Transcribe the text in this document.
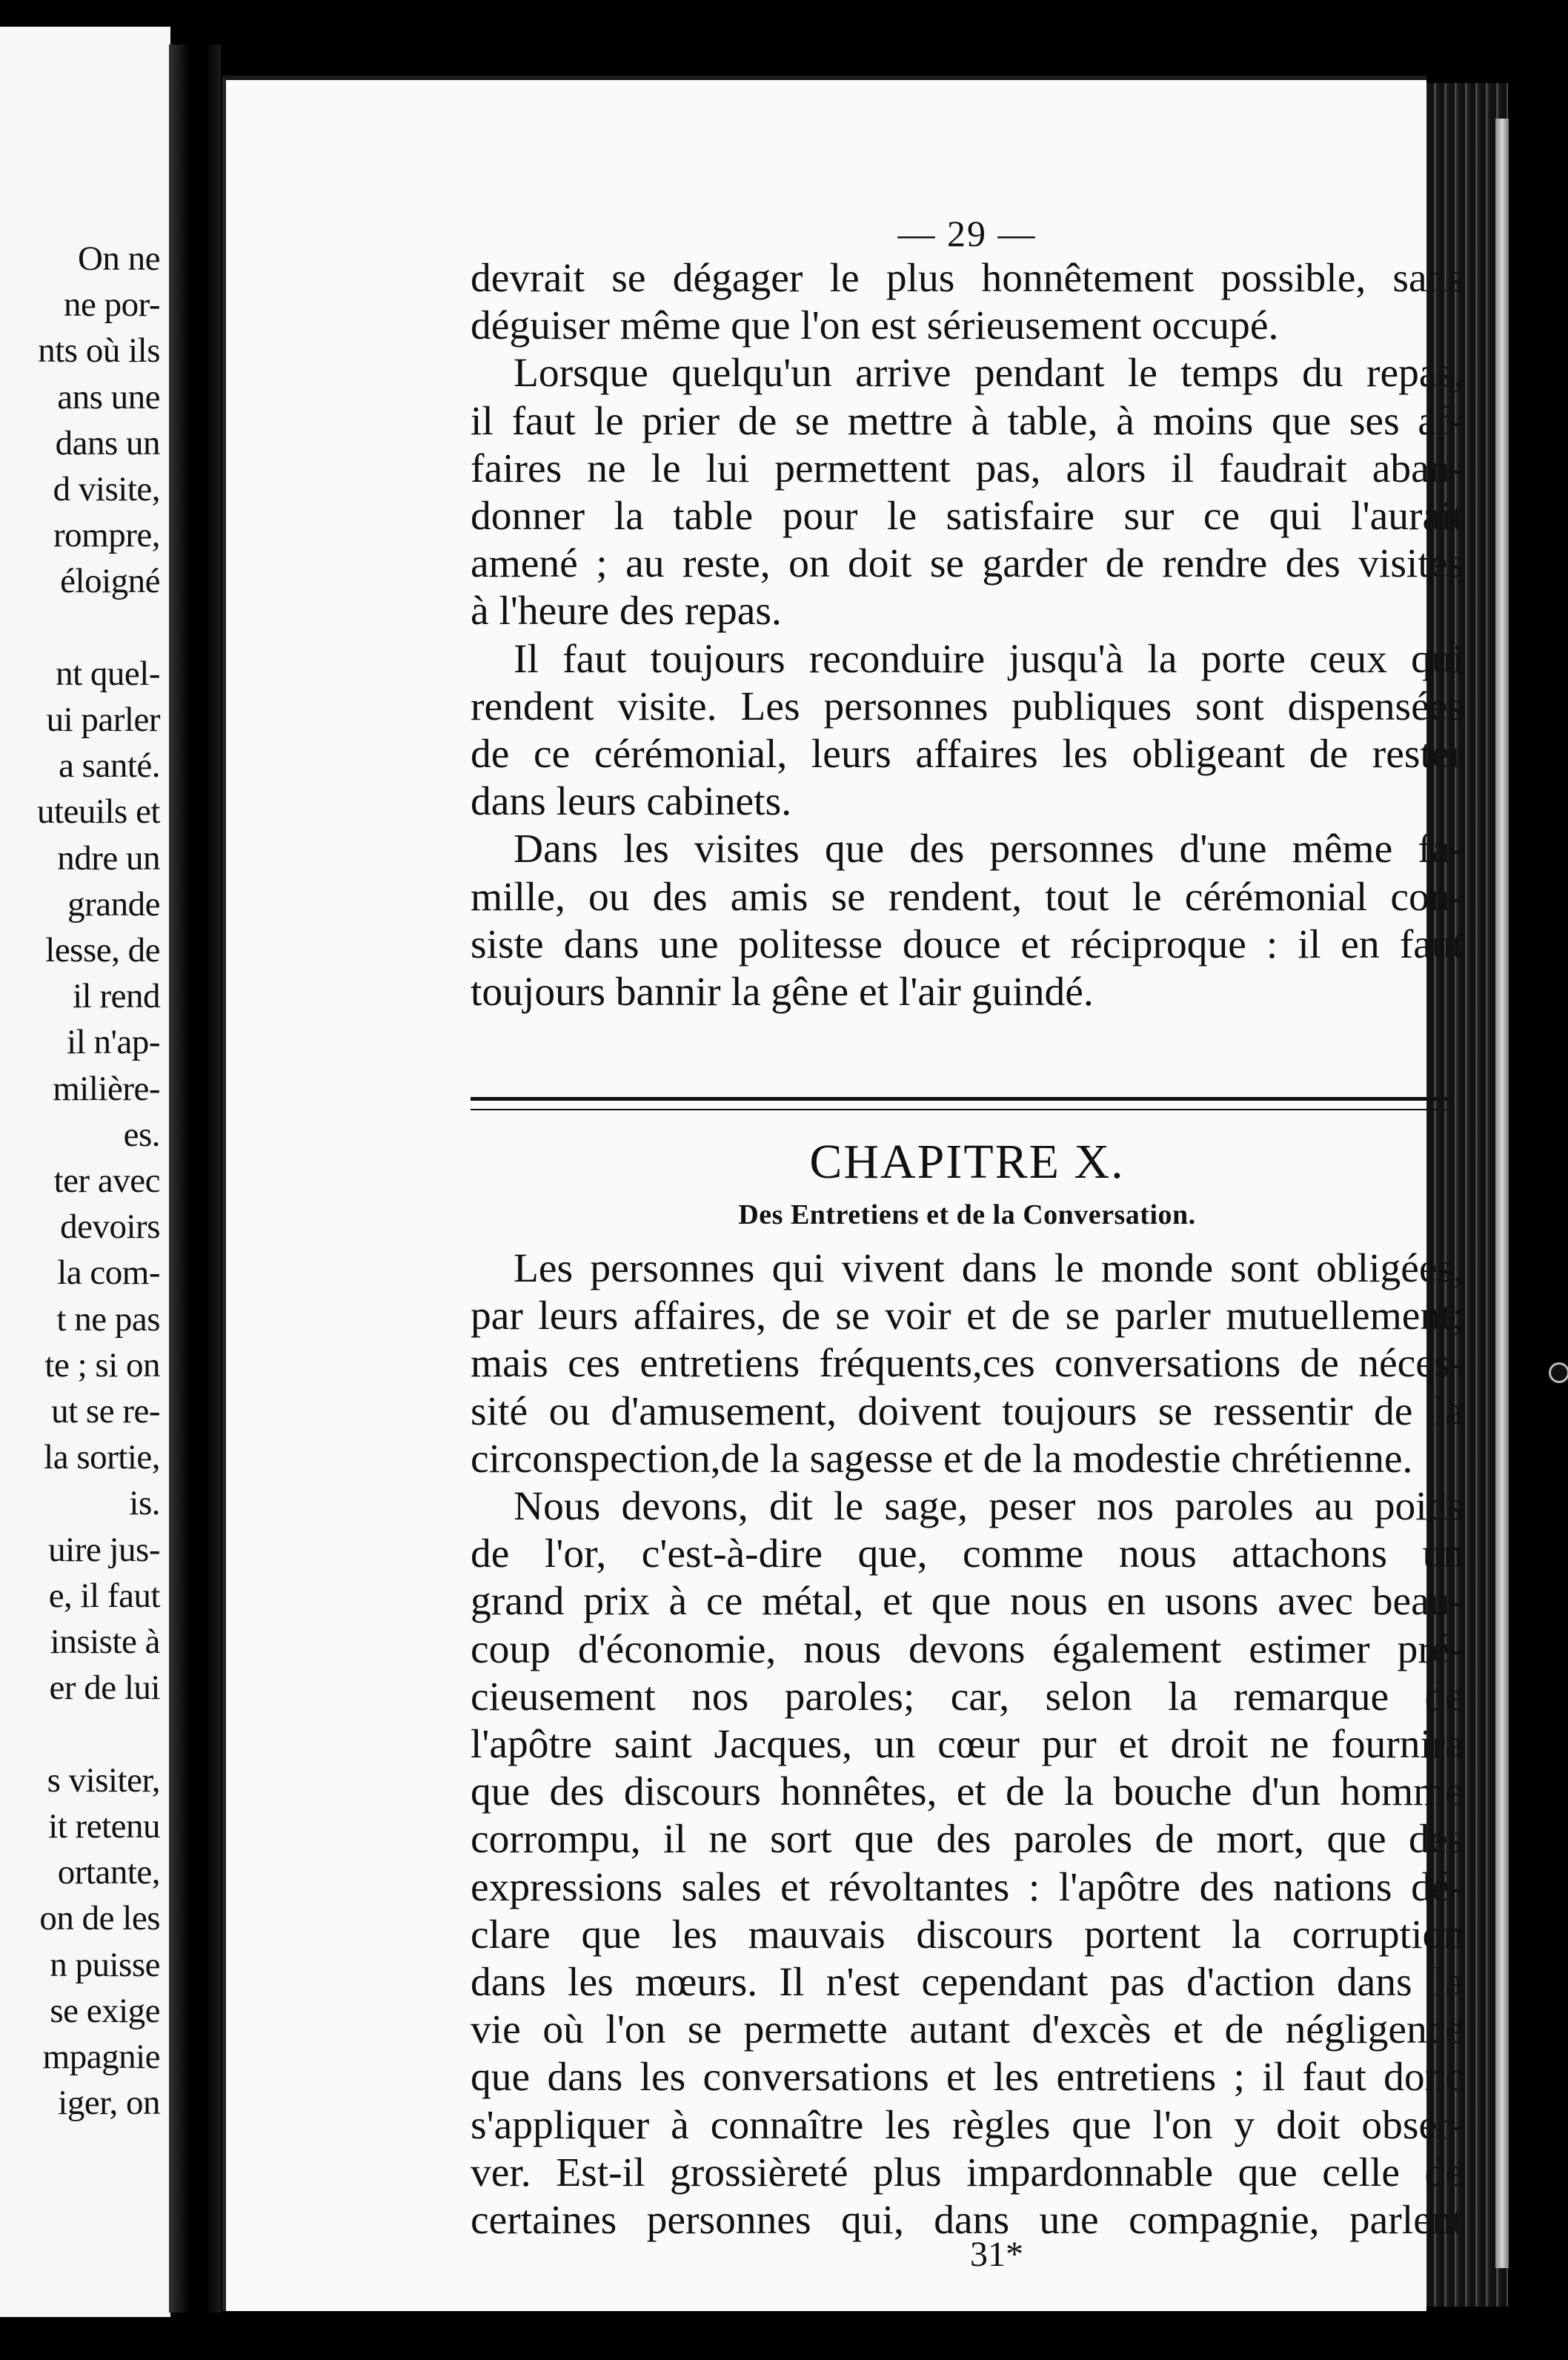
On ne
ne por-
nts où ils
ans une
dans un
d visite,
rompre,
éloigné

nt quel-
ui parler
a santé.
uteuils et
ndre un
grande
lesse, de
il rend
il n'ap-
milière-
es.
ter avec
devoirs
la com-
t ne pas
te ; si on
ut se re-
la sortie,
is.
uire jus-
e, il faut
insiste à
er de lui

s visiter,
it retenu
ortante,
on de les
n puisse
se exige
mpagnie
iger, on
— 29 —
devrait se dégager le plus honnêtement possible, sans
déguiser même que l'on est sérieusement occupé.
Lorsque quelqu'un arrive pendant le temps du repas,
il faut le prier de se mettre à table, à moins que ses af-
faires ne le lui permettent pas, alors il faudrait aban-
donner la table pour le satisfaire sur ce qui l'aurait
amené ; au reste, on doit se garder de rendre des visites
à l'heure des repas.
Il faut toujours reconduire jusqu'à la porte ceux qui
rendent visite. Les personnes publiques sont dispensées
de ce cérémonial, leurs affaires les obligeant de rester
dans leurs cabinets.
Dans les visites que des personnes d'une même fa-
mille, ou des amis se rendent, tout le cérémonial con-
siste dans une politesse douce et réciproque : il en faut
toujours bannir la gêne et l'air guindé.
CHAPITRE X.
Des Entretiens et de la Conversation.
Les personnes qui vivent dans le monde sont obligées,
par leurs affaires, de se voir et de se parler mutuellement;
mais ces entretiens fréquents,ces conversations de néces-
sité ou d'amusement, doivent toujours se ressentir de la
circonspection,de la sagesse et de la modestie chrétienne.
Nous devons, dit le sage, peser nos paroles au poids
de l'or, c'est-à-dire que, comme nous attachons un
grand prix à ce métal, et que nous en usons avec beau-
coup d'économie, nous devons également estimer pré-
cieusement nos paroles; car, selon la remarque de
l'apôtre saint Jacques, un cœur pur et droit ne fournira
que des discours honnêtes, et de la bouche d'un homme
corrompu, il ne sort que des paroles de mort, que des
expressions sales et révoltantes : l'apôtre des nations dé-
clare que les mauvais discours portent la corruption
dans les mœurs. Il n'est cependant pas d'action dans la
vie où l'on se permette autant d'excès et de négligence
que dans les conversations et les entretiens ; il faut donc
s'appliquer à connaître les règles que l'on y doit obser-
ver. Est-il grossièreté plus impardonnable que celle de
certaines personnes qui, dans une compagnie, parlent
31*
